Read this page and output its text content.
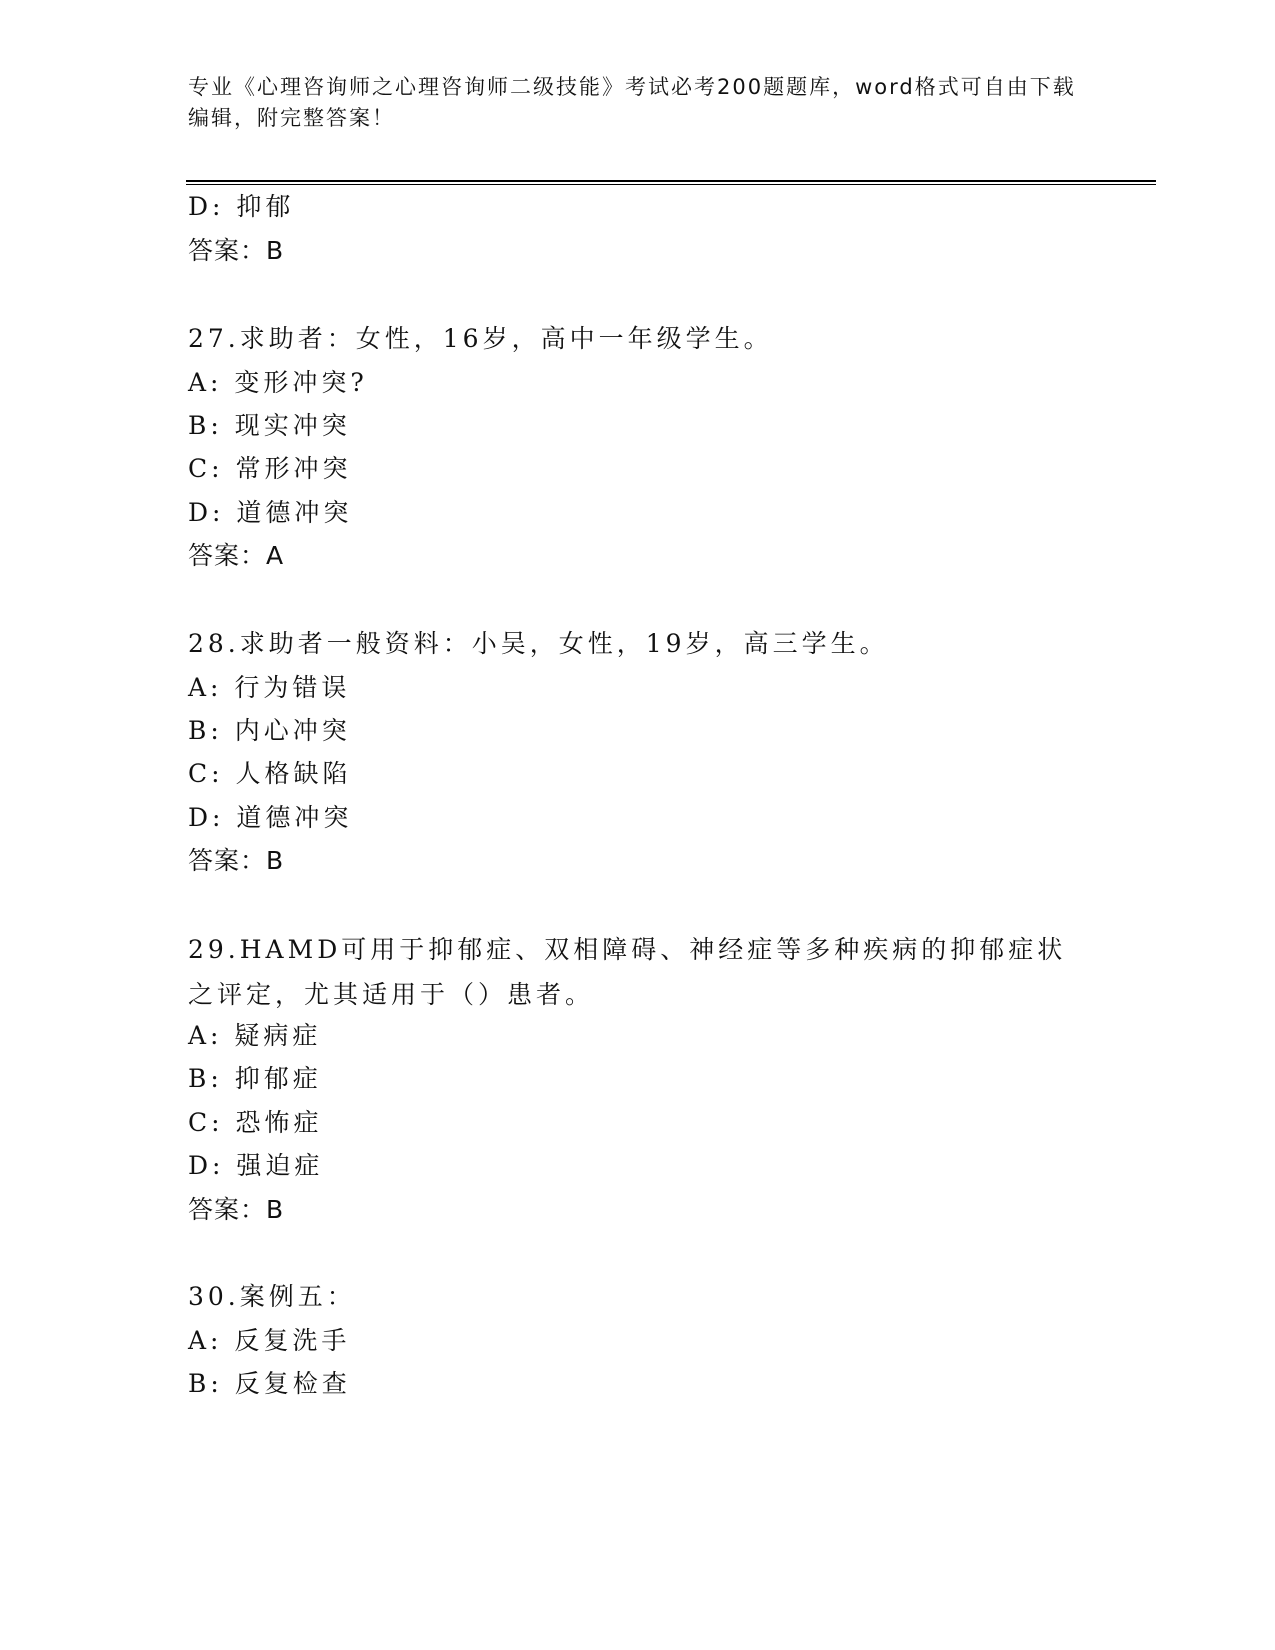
专业《心理咨询师之心理咨询师二级技能》考试必考200题题库，word格式可自由下载编辑，附完整答案！
D: 抑郁
答案：B
27.求助者：女性，16岁，高中一年级学生。
A: 变形冲突?
B: 现实冲突
C: 常形冲突
D: 道德冲突
答案：A
28.求助者一般资料：小吴，女性，19岁，高三学生。
A: 行为错误
B: 内心冲突
C: 人格缺陷
D: 道德冲突
答案：B
29.HAMD可用于抑郁症、双相障碍、神经症等多种疾病的抑郁症状之评定，尤其适用于（）患者。
A: 疑病症
B: 抑郁症
C: 恐怖症
D: 强迫症
答案：B
30.案例五：
A: 反复洗手
B: 反复检查
